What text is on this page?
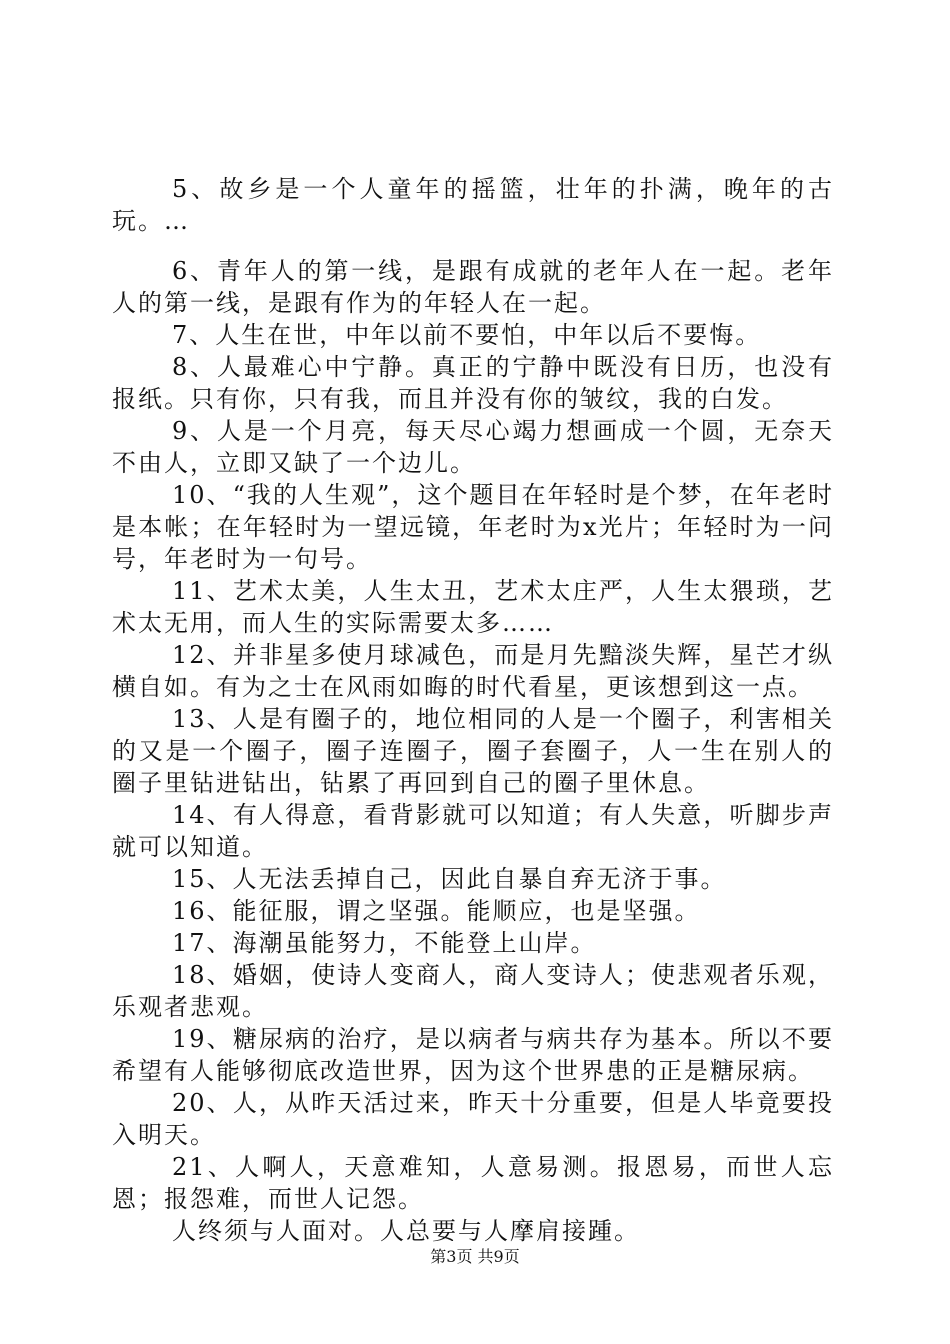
5、故乡是一个人童年的摇篮，壮年的扑满，晚年的古玩。…

6、青年人的第一线，是跟有成就的老年人在一起。老年人的第一线，是跟有作为的年轻人在一起。

7、人生在世，中年以前不要怕，中年以后不要悔。

8、人最难心中宁静。真正的宁静中既没有日历，也没有报纸。只有你，只有我，而且并没有你的皱纹，我的白发。

9、人是一个月亮，每天尽心竭力想画成一个圆，无奈天不由人，立即又缺了一个边儿。

10、“我的人生观”，这个题目在年轻时是个梦，在年老时是本帐；在年轻时为一望远镜，年老时为x光片；年轻时为一问号，年老时为一句号。

11、艺术太美，人生太丑，艺术太庄严，人生太猥琐，艺术太无用，而人生的实际需要太多……

12、并非星多使月球减色，而是月先黯淡失辉，星芒才纵横自如。有为之士在风雨如晦的时代看星，更该想到这一点。

13、人是有圈子的，地位相同的人是一个圈子，利害相关的又是一个圈子，圈子连圈子，圈子套圈子，人一生在别人的圈子里钻进钻出，钻累了再回到自己的圈子里休息。

14、有人得意，看背影就可以知道；有人失意，听脚步声就可以知道。

15、人无法丢掉自己，因此自暴自弃无济于事。

16、能征服，谓之坚强。能顺应，也是坚强。

17、海潮虽能努力，不能登上山岸。

18、婚姻，使诗人变商人，商人变诗人；使悲观者乐观，乐观者悲观。

19、糖尿病的治疗，是以病者与病共存为基本。所以不要希望有人能够彻底改造世界，因为这个世界患的正是糖尿病。

20、人，从昨天活过来，昨天十分重要，但是人毕竟要投入明天。

21、人啊人，天意难知，人意易测。报恩易，而世人忘恩；报怨难，而世人记怨。

人终须与人面对。人总要与人摩肩接踵。

第3页 共9页
